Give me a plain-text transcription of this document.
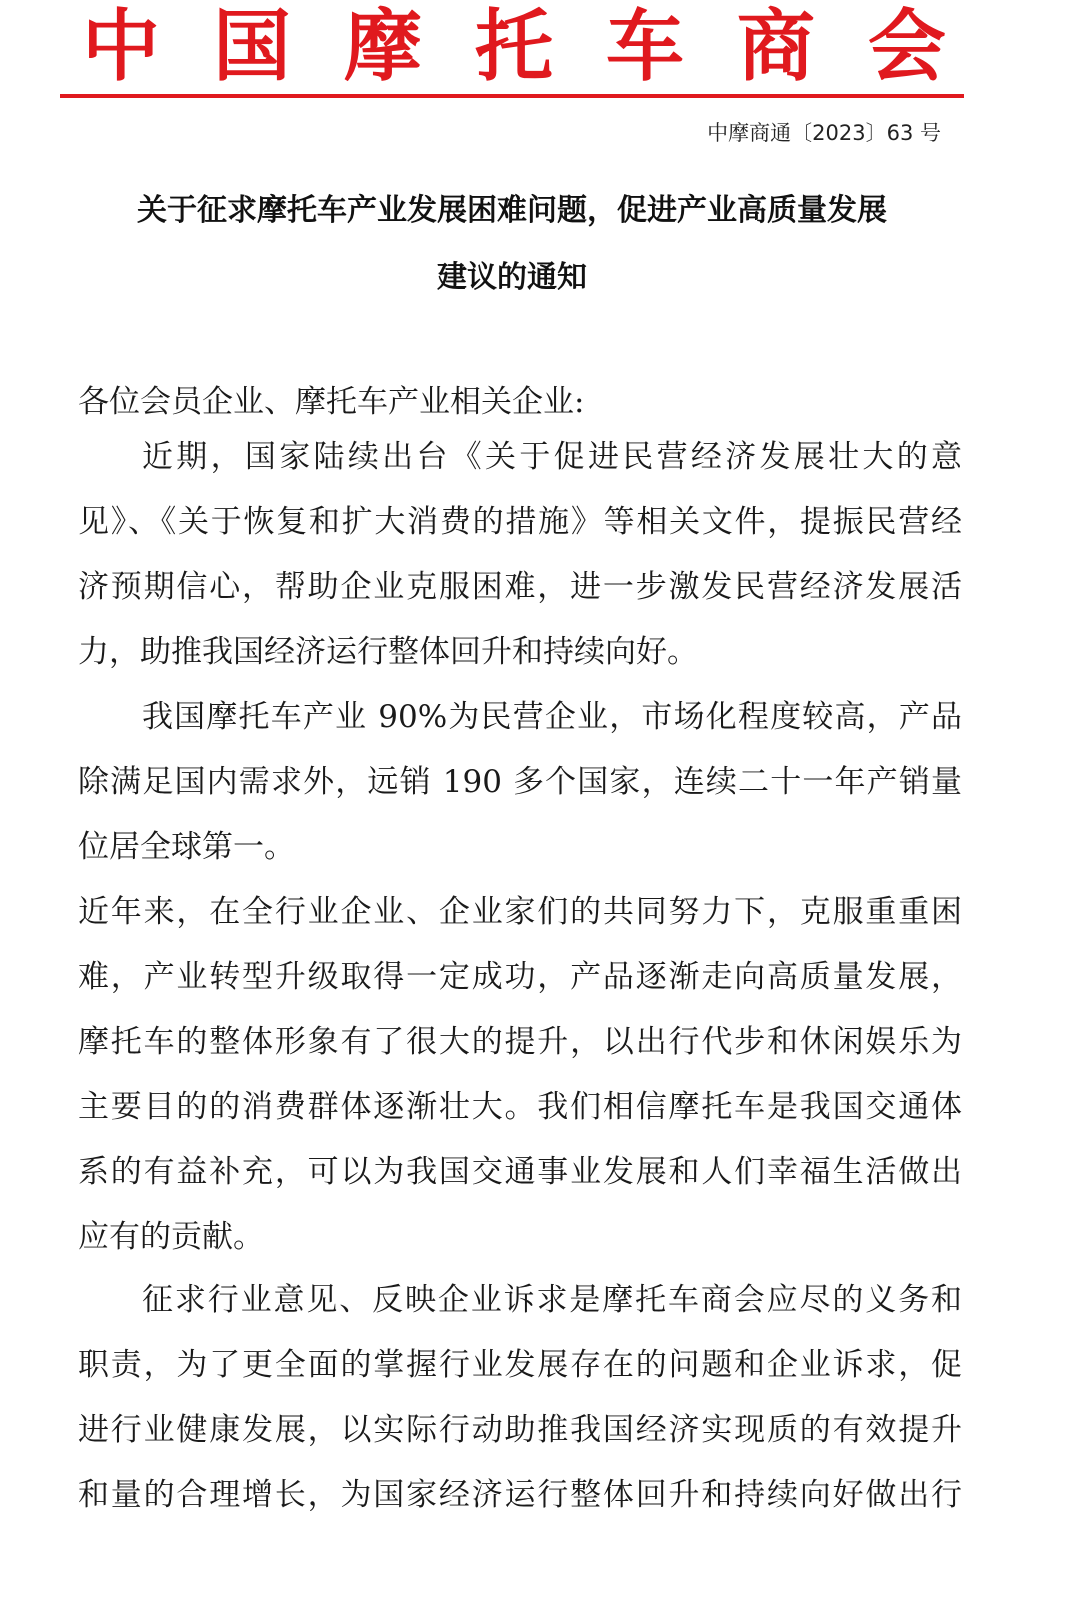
中 国 摩 托 车 商 会
中摩商通〔2023〕63 号
关于征求摩托车产业发展困难问题，促进产业高质量发展
建议的通知
各位会员企业、摩托车产业相关企业:
近期，国家陆续出台《关于促进民营经济发展壮大的意
见》、《关于恢复和扩大消费的措施》等相关文件，提振民营经
济预期信心，帮助企业克服困难，进一步激发民营经济发展活
力，助推我国经济运行整体回升和持续向好。
我国摩托车产业 90%为民营企业，市场化程度较高，产品
除满足国内需求外，远销 190 多个国家，连续二十一年产销量
位居全球第一。
近年来，在全行业企业、企业家们的共同努力下，克服重重困
难，产业转型升级取得一定成功，产品逐渐走向高质量发展，
摩托车的整体形象有了很大的提升，以出行代步和休闲娱乐为
主要目的的消费群体逐渐壮大。我们相信摩托车是我国交通体
系的有益补充，可以为我国交通事业发展和人们幸福生活做出
应有的贡献。
征求行业意见、反映企业诉求是摩托车商会应尽的义务和
职责，为了更全面的掌握行业发展存在的问题和企业诉求，促
进行业健康发展，以实际行动助推我国经济实现质的有效提升
和量的合理增长，为国家经济运行整体回升和持续向好做出行
